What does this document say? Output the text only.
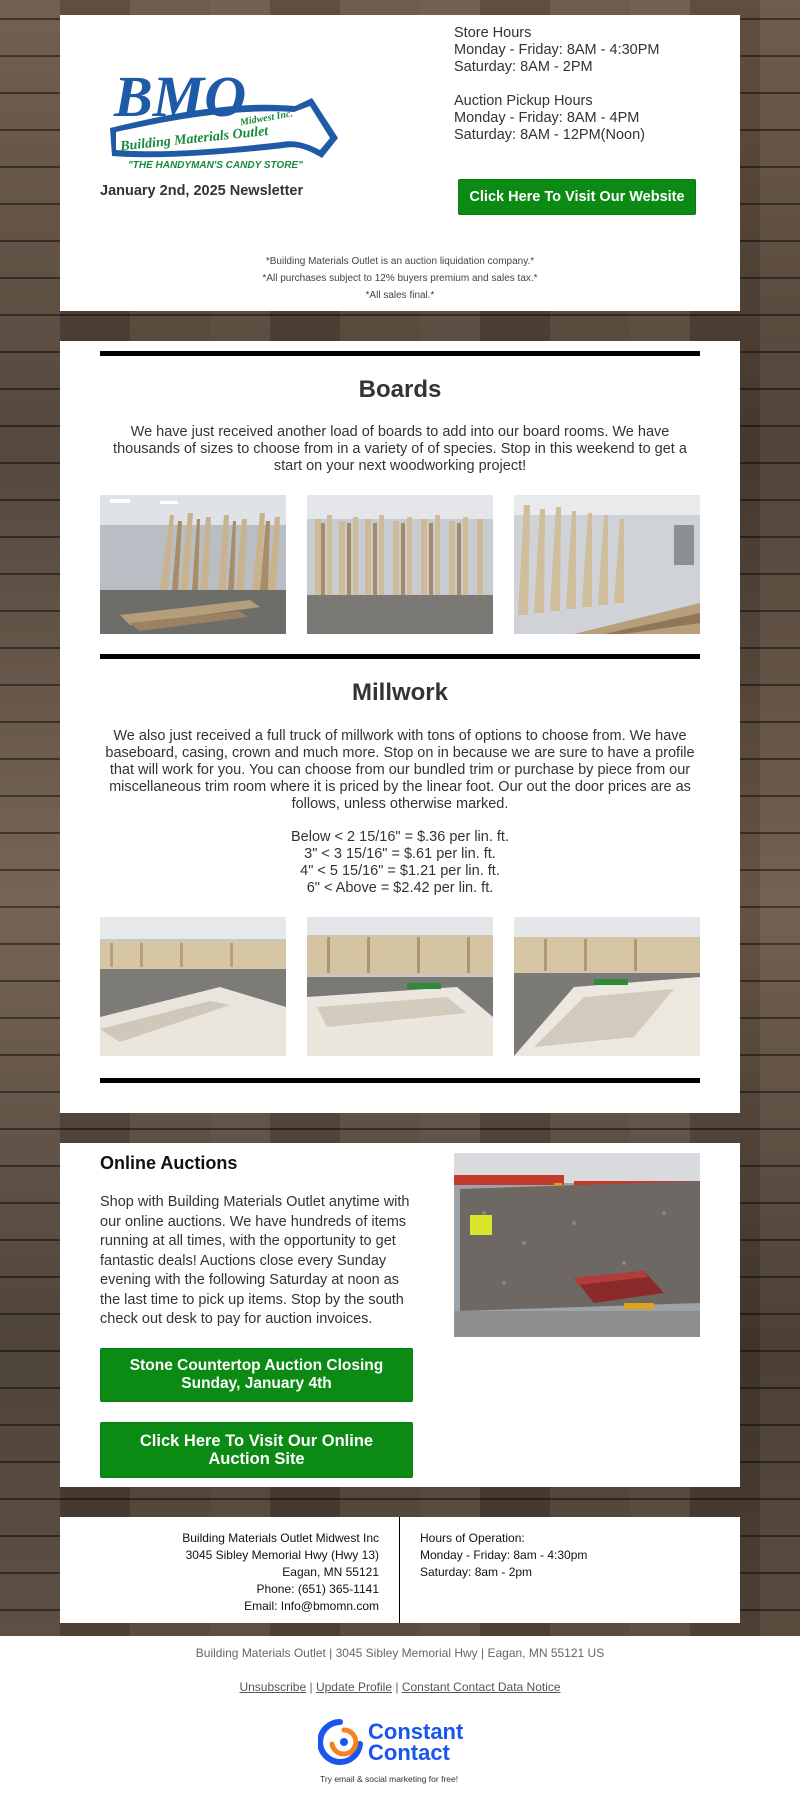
BMO
Building Materials Outlet
Midwest Inc.
"THE HANDYMAN'S CANDY STORE"
Store Hours
Monday - Friday: 8AM - 4:30PM
Saturday: 8AM - 2PM
Auction Pickup Hours
Monday - Friday: 8AM - 4PM
Saturday: 8AM - 12PM(Noon)
January 2nd, 2025 Newsletter	Click Here To Visit Our Website
*Building Materials Outlet is an auction liquidation company.*
*All purchases subject to 12% buyers premium and sales tax.*
*All sales final.*
Boards
We have just received another load of boards to add into our board rooms. We have thousands of sizes to choose from in a variety of of species. Stop in this weekend to get a start on your next woodworking project!
Millwork
We also just received a full truck of millwork with tons of options to choose from. We have baseboard, casing, crown and much more. Stop on in because we are sure to have a profile that will work for you. You can choose from our bundled trim or purchase by piece from our miscellaneous trim room where it is priced by the linear foot. Our out the door prices are as follows, unless otherwise marked.
Below < 2 15/16" = $.36 per lin. ft.
3" < 3 15/16" = $.61 per lin. ft.
4" < 5 15/16" = $1.21 per lin. ft.
6" < Above = $2.42 per lin. ft.
Online Auctions
Shop with Building Materials Outlet anytime with our online auctions. We have hundreds of items running at all times, with the opportunity to get fantastic deals! Auctions close every Sunday evening with the following Saturday at noon as the last time to pick up items. Stop by the south check out desk to pay for auction invoices.
Stone Countertop Auction Closing Sunday, January 4th
Click Here To Visit Our Online Auction Site
Building Materials Outlet Midwest Inc
3045 Sibley Memorial Hwy (Hwy 13)
Eagan, MN 55121
Phone: (651) 365-1141
Email: Info@bmomn.com
Hours of Operation:
Monday - Friday: 8am - 4:30pm
Saturday: 8am - 2pm
Building Materials Outlet | 3045 Sibley Memorial Hwy | Eagan, MN 55121 US
Unsubscribe | Update Profile | Constant Contact Data Notice
Constant
Contact
Try email & social marketing for free!
